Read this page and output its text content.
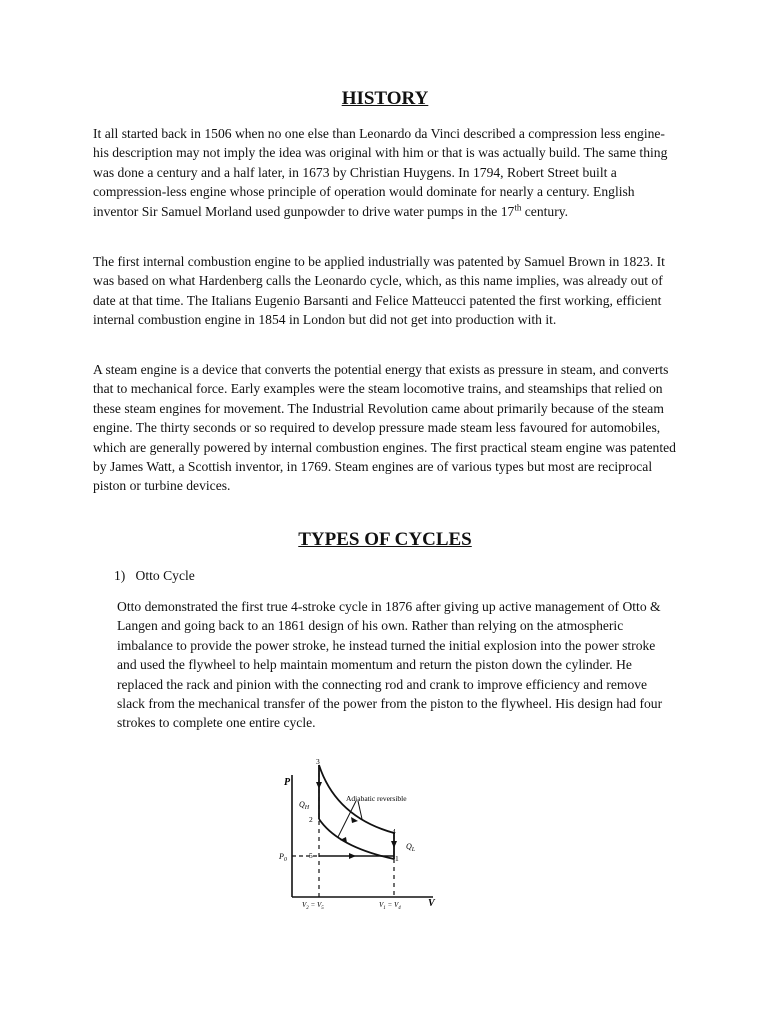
HISTORY

It all started back in 1506 when no one else than Leonardo da Vinci described a compression less engine-his description may not imply the idea was original with him or that is was actually build. The same thing was done a century and a half later, in 1673 by Christian Huygens. In 1794, Robert Street built a compression-less engine whose principle of operation would dominate for nearly a century. English inventor Sir Samuel Morland used gunpowder to drive water pumps in the 17th century.

The first internal combustion engine to be applied industrially was patented by Samuel Brown in 1823. It was based on what Hardenberg calls the Leonardo cycle, which, as this name implies, was already out of date at that time. The Italians Eugenio Barsanti and Felice Matteucci patented the first working, efficient internal combustion engine in 1854 in London but did not get into production with it.

A steam engine is a device that converts the potential energy that exists as pressure in steam, and converts that to mechanical force. Early examples were the steam locomotive trains, and steamships that relied on these steam engines for movement. The Industrial Revolution came about primarily because of the steam engine. The thirty seconds or so required to develop pressure made steam less favoured for automobiles, which are generally powered by internal combustion engines. The first practical steam engine was patented by James Watt, a Scottish inventor, in 1769. Steam engines are of various types but most are reciprocal piston or turbine devices.

TYPES OF CYCLES
1)   Otto Cycle

Otto demonstrated the first true 4-stroke cycle in 1876 after giving up active management of Otto & Langen and going back to an 1861 design of his own. Rather than relying on the atmospheric imbalance to provide the power stroke, he instead turned the initial explosion into the power stroke and used the flywheel to help maintain momentum and return the piston down the cylinder. He replaced the rack and pinion with the connecting rod and crank to improve efficiency and remove slack from the mechanical transfer of the power from the piston to the flywheel. His design had four strokes to complete one entire cycle.

P
V
Adiabatic reversible
3
2
5
4
1
$Q_H$
$Q_L$
$P_0$
$V_2 = V_5$	$V_1 = V_4$
